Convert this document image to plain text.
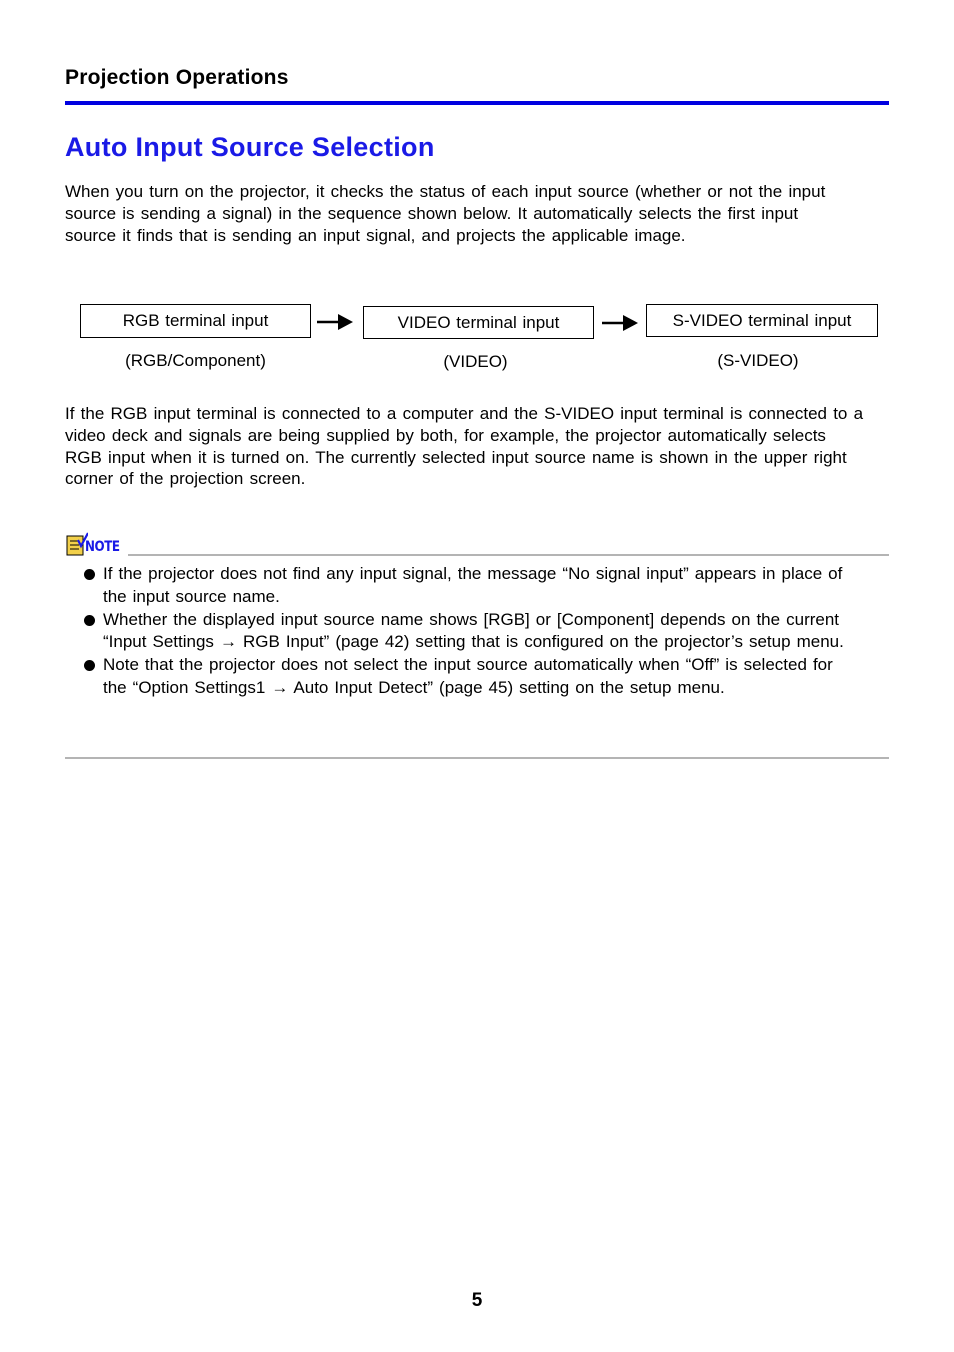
Projection Operations
Auto Input Source Selection
When you turn on the projector, it checks the status of each input source (whether or not the input source is sending a signal) in the sequence shown below. It automatically selects the first input source it finds that is sending an input signal, and projects the applicable image.
RGB terminal input
(RGB/Component)
VIDEO terminal input
(VIDEO)
S-VIDEO terminal input
(S-VIDEO)
If the RGB input terminal is connected to a computer and the S-VIDEO input terminal is connected to a video deck and signals are being supplied by both, for example, the projector automatically selects RGB input when it is turned on. The currently selected input source name is shown in the upper right corner of the projection screen.
NOTE
If the projector does not find any input signal, the message “No signal input” appears in place of the input source name.
Whether the displayed input source name shows [RGB] or [Component] depends on the current “Input Settings → RGB Input” (page 42) setting that is configured on the projector’s setup menu.
Note that the projector does not select the input source automatically when “Off” is selected for the “Option Settings1 → Auto Input Detect” (page 45) setting on the setup menu.
5
